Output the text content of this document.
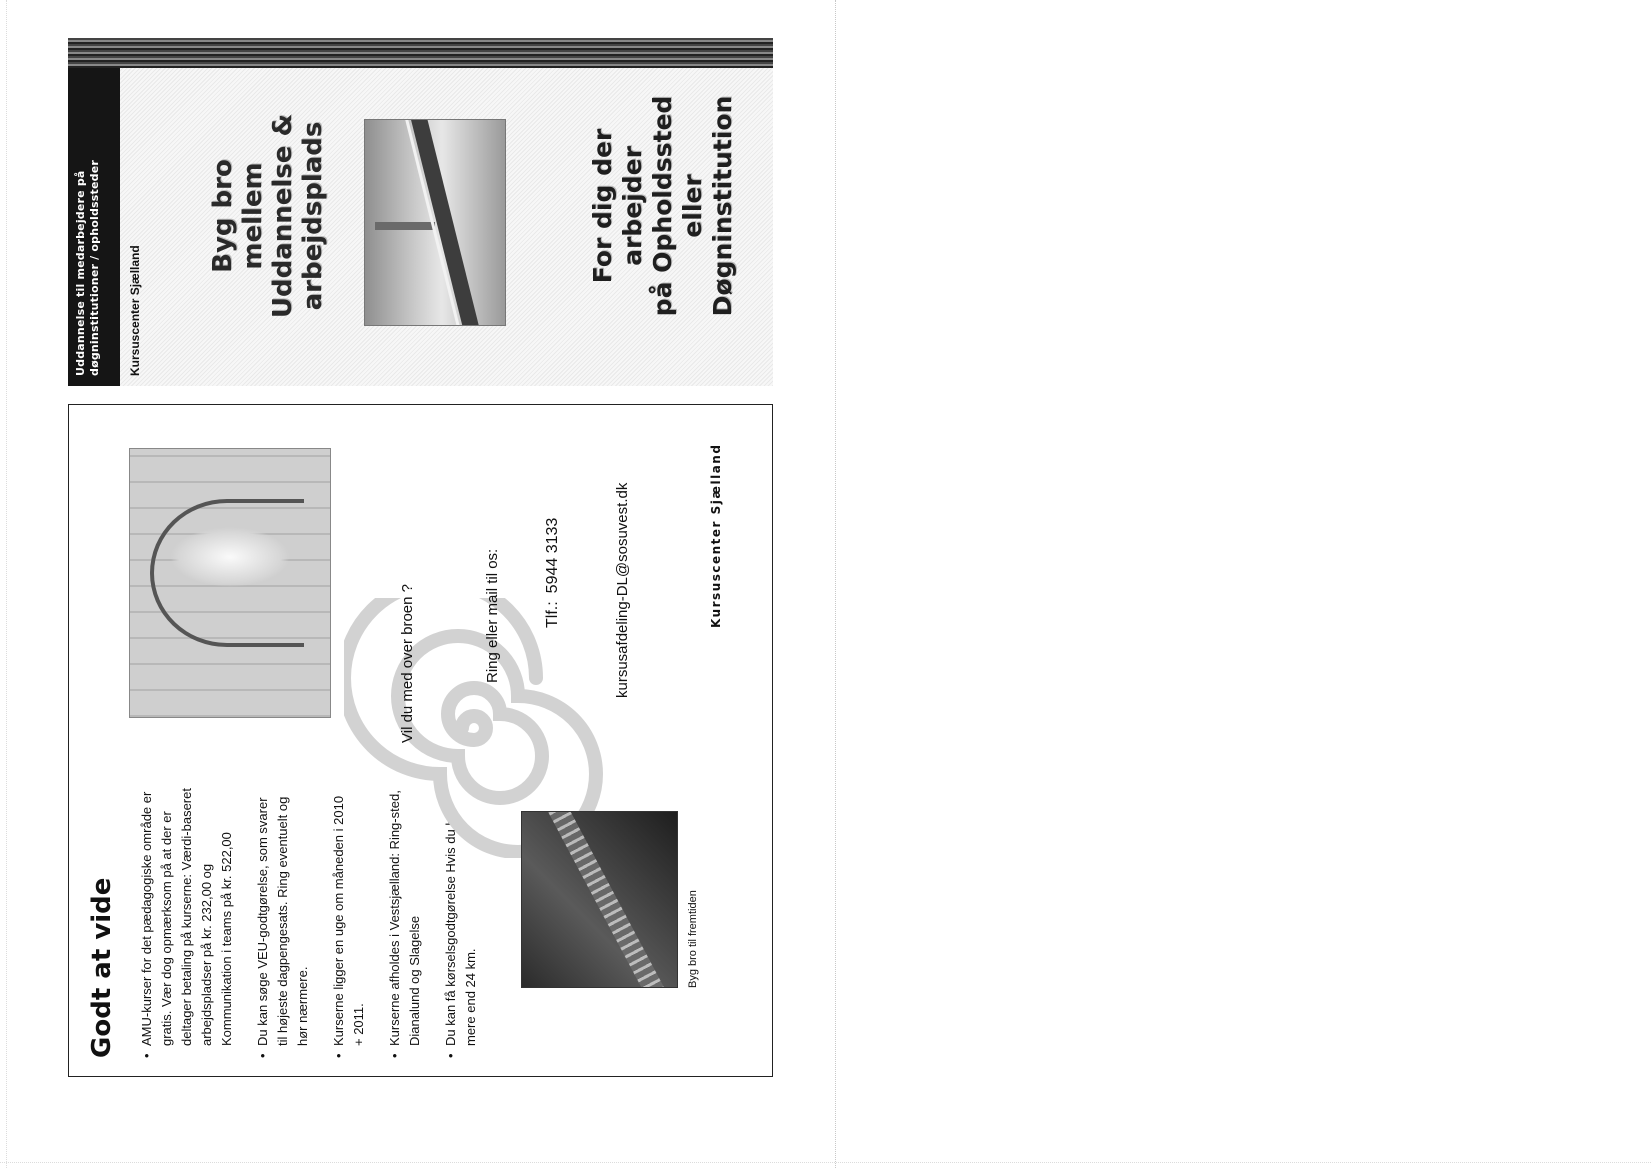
Uddannelse til medarbejdere på døgninstitutioner / opholdssteder Kursuscenter Sjælland
Byg bro mellem Uddannelse & arbejdsplads	For dig der arbejder på Opholdssted eller Døgninstitution
Godt at vide • AMU-kurser for det pædagogiske område er gratis. Vær dog opmærksom på at der er deltager betaling på kurserne: Værdi-baseret arbejdspladser på kr. 232,00 og Kommunikation i teams på kr. 522,00 • Du kan søge VEU-godtgørelse, som svarer til højeste dagpengesats. Ring eventuelt og hør nærmere. • Kurserne ligger en uge om måneden i 2010 + 2011. • Kurserne afholdes i Vestsjælland: Ring-sted, Dianalund og Slagelse • Du kan få kørselsgodtgørelse Hvis du har mere end 24 km.
Byg bro til fremtiden
Vil du med over broen ?	Ring eller mail til os:	Tlf.:5944 3133	kursusafdeling-DL@sosuvest.dk	Kursuscenter Sjælland
